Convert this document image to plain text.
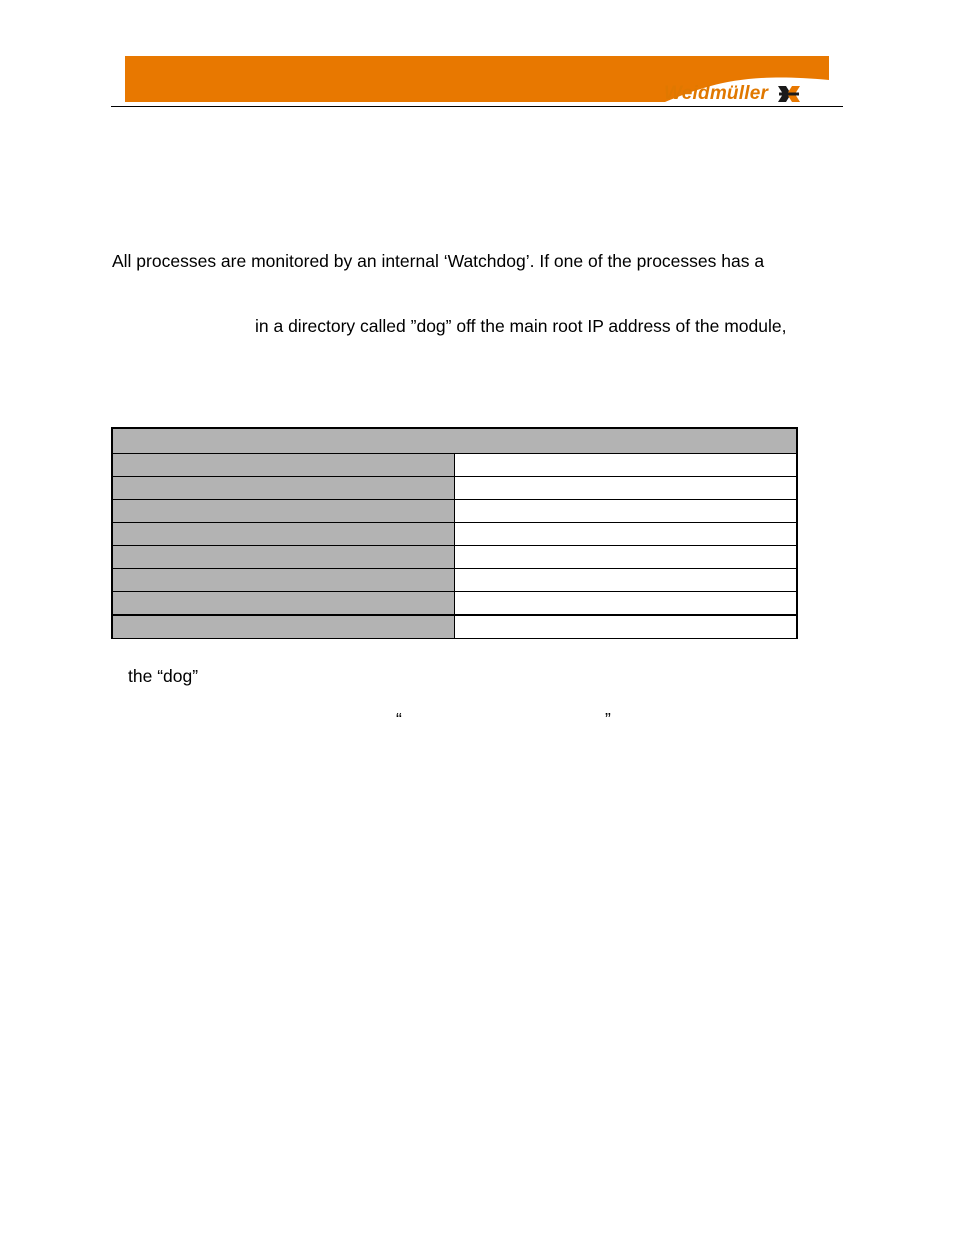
Weidmüller
All processes are monitored by an internal ‘Watchdog’. If one of the processes has a
in a directory called ”dog” off the main root IP address of the module,

the “dog”
“	”
